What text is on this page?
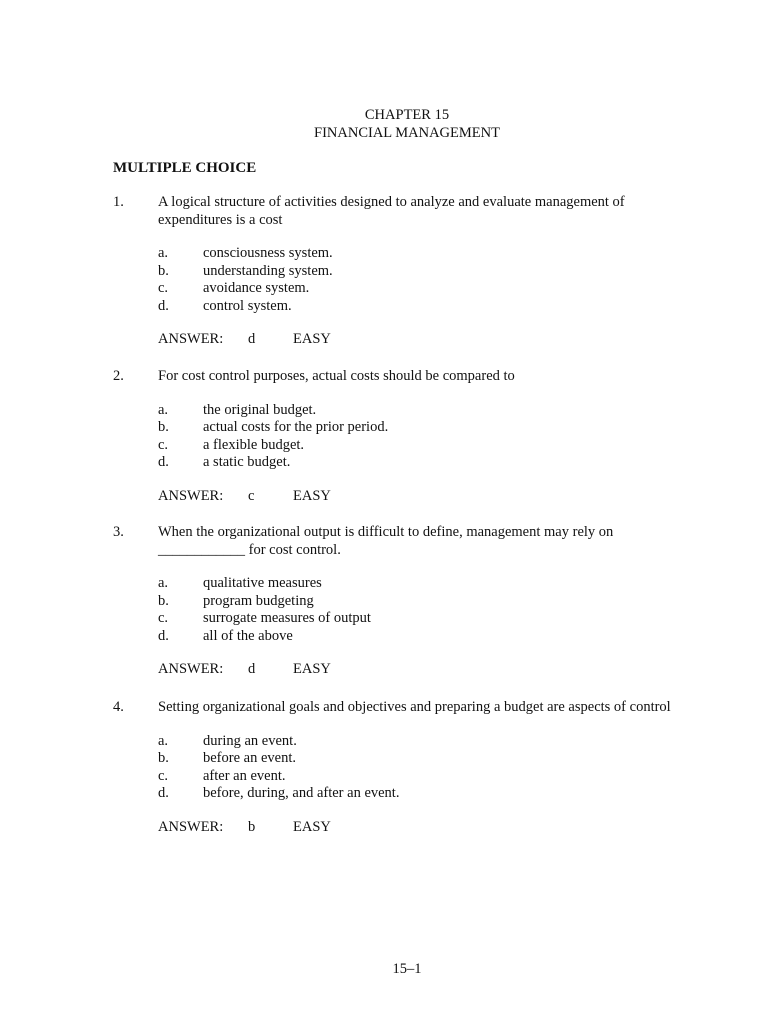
CHAPTER 15
FINANCIAL MANAGEMENT
MULTIPLE CHOICE
1. A logical structure of activities designed to analyze and evaluate management of
expenditures is a cost
a.	consciousness system.
b.	understanding system.
c.	avoidance system.
d.	control system.
ANSWER:	d	EASY
2. For cost control purposes, actual costs should be compared to
a.	the original budget.
b.	actual costs for the prior period.
c.	a flexible budget.
d.	a static budget.
ANSWER:	c	EASY
3. When the organizational output is difficult to define, management may rely on
____________ for cost control.
a.	qualitative measures
b.	program budgeting
c.	surrogate measures of output
d.	all of the above
ANSWER:	d	EASY
4. Setting organizational goals and objectives and preparing a budget are aspects of control
a.	during an event.
b.	before an event.
c.	after an event.
d.	before, during, and after an event.
ANSWER:	b	EASY
15–1
